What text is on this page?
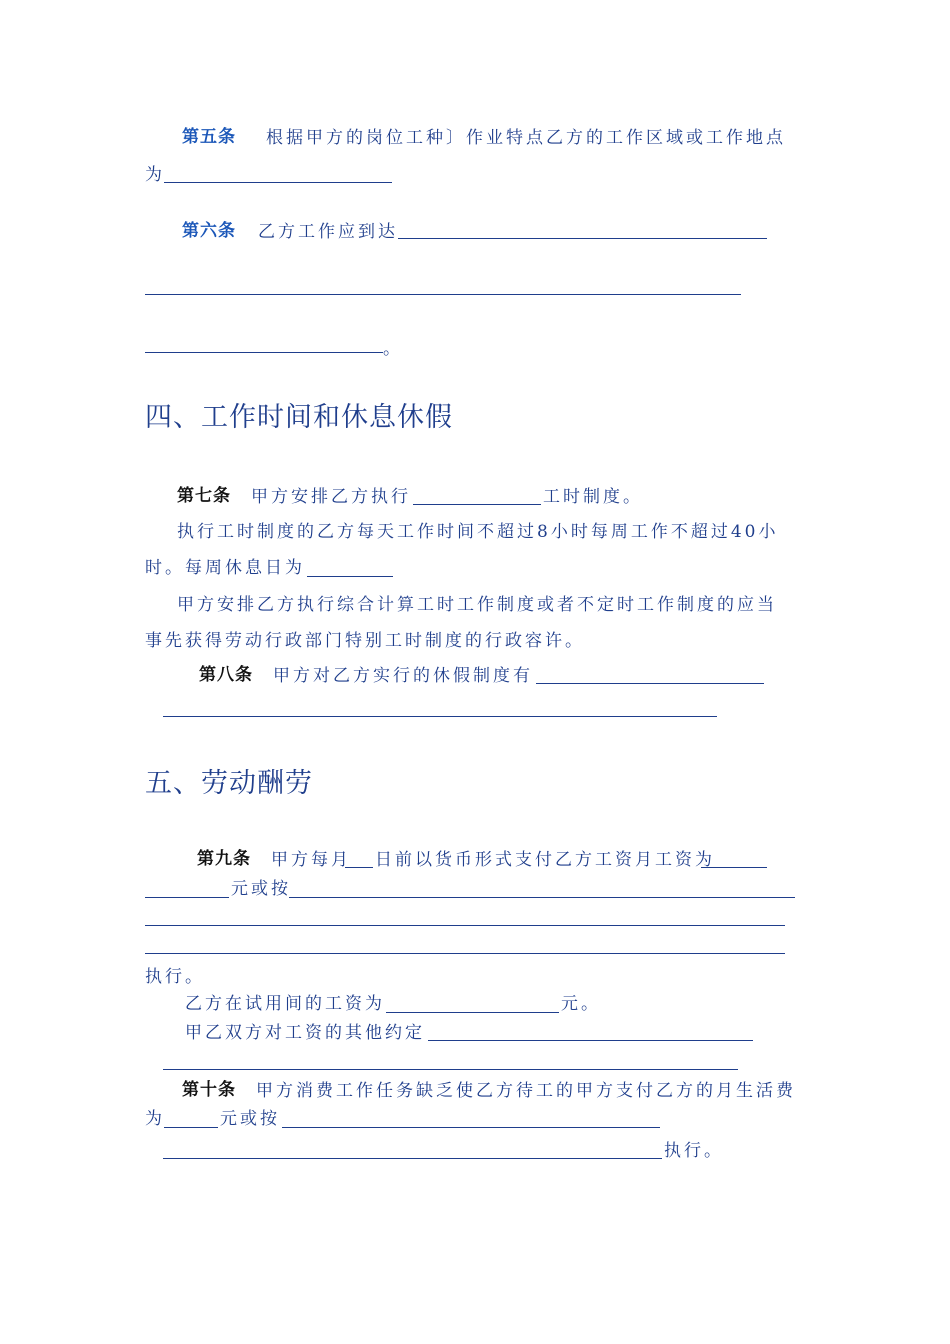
第五条 根据甲方的岗位工种〕作业特点乙方的工作区域或工作地点
为
第六条 乙方工作应到达
。
四、工作时间和休息休假
第七条 甲方安排乙方执行	工时制度。
执行工时制度的乙方每天工作时间不超过8小时每周工作不超过40小
时。每周休息日为
甲方安排乙方执行综合计算工时工作制度或者不定时工作制度的应当
事先获得劳动行政部门特别工时制度的行政容许。
第八条 甲方对乙方实行的休假制度有
五、劳动酬劳
第九条 甲方每月 日前以货币形式支付乙方工资月工资为
元或按
执行。
乙方在试用间的工资为	元。
甲乙双方对工资的其他约定
第十条 甲方消费工作任务缺乏使乙方待工的甲方支付乙方的月生活费
为	元或按
执行。
